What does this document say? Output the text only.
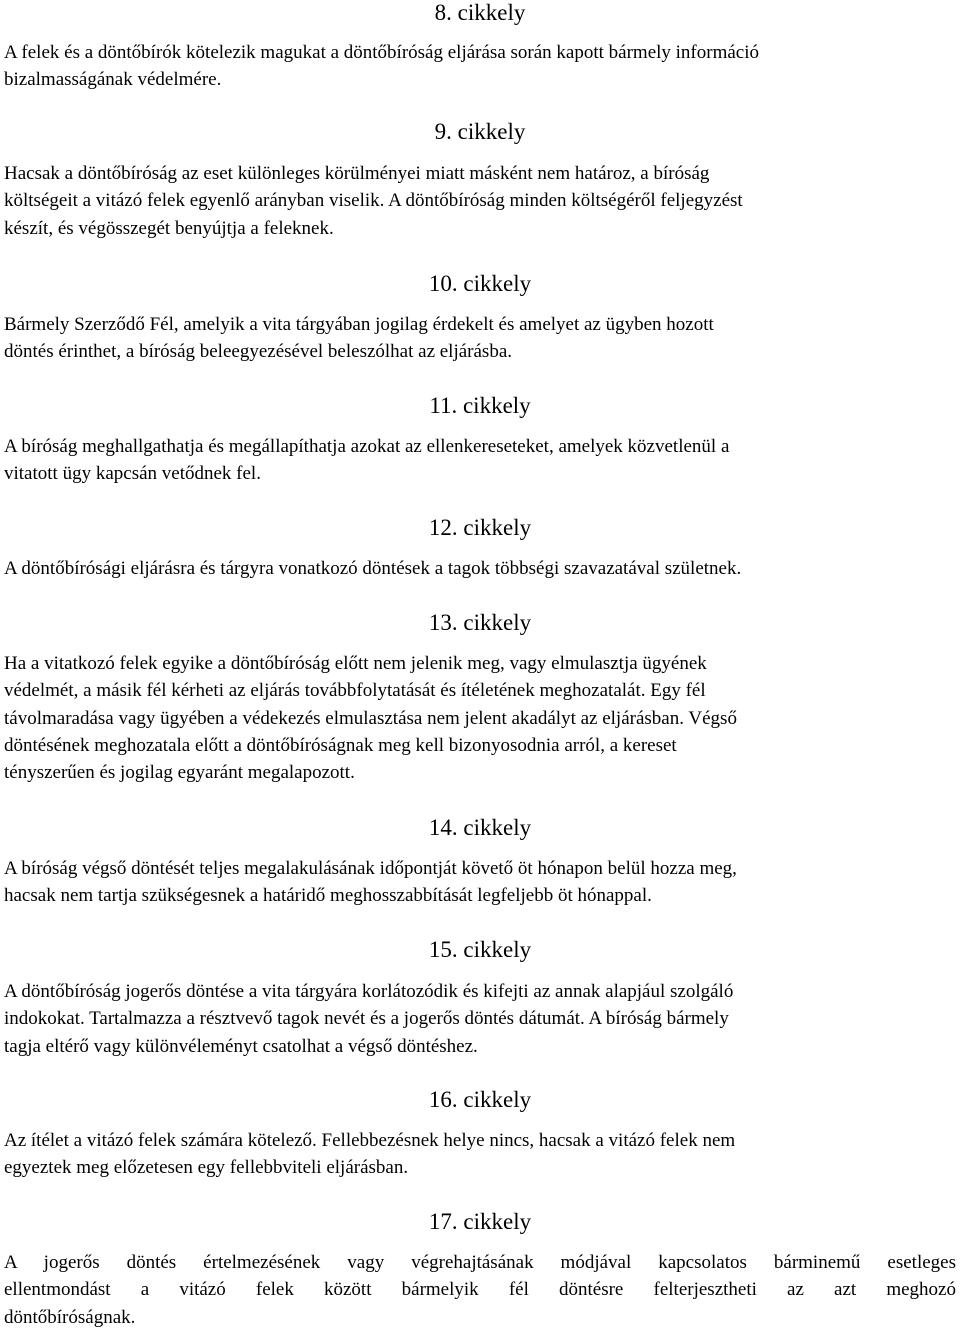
8. cikkely
A felek és a döntőbírók kötelezik magukat a döntőbíróság eljárása során kapott bármely információ
bizalmasságának védelmére.
9. cikkely
Hacsak a döntőbíróság az eset különleges körülményei miatt másként nem határoz, a bíróság
költségeit a vitázó felek egyenlő arányban viselik. A döntőbíróság minden költségéről feljegyzést
készít, és végösszegét benyújtja a feleknek.
10. cikkely
Bármely Szerződő Fél, amelyik a vita tárgyában jogilag érdekelt és amelyet az ügyben hozott
döntés érinthet, a bíróság beleegyezésével beleszólhat az eljárásba.
11. cikkely
A bíróság meghallgathatja és megállapíthatja azokat az ellenkereseteket, amelyek közvetlenül a
vitatott ügy kapcsán vetődnek fel.
12. cikkely
A döntőbírósági eljárásra és tárgyra vonatkozó döntések a tagok többségi szavazatával születnek.
13. cikkely
Ha a vitatkozó felek egyike a döntőbíróság előtt nem jelenik meg, vagy elmulasztja ügyének
védelmét, a másik fél kérheti az eljárás továbbfolytatását és ítéletének meghozatalát. Egy fél
távolmaradása vagy ügyében a védekezés elmulasztása nem jelent akadályt az eljárásban. Végső
döntésének meghozatala előtt a döntőbíróságnak meg kell bizonyosodnia arról, a kereset
tényszerűen és jogilag egyaránt megalapozott.
14. cikkely
A bíróság végső döntését teljes megalakulásának időpontját követő öt hónapon belül hozza meg,
hacsak nem tartja szükségesnek a határidő meghosszabbítását legfeljebb öt hónappal.
15. cikkely
A döntőbíróság jogerős döntése a vita tárgyára korlátozódik és kifejti az annak alapjául szolgáló
indokokat. Tartalmazza a résztvevő tagok nevét és a jogerős döntés dátumát. A bíróság bármely
tagja eltérő vagy különvéleményt csatolhat a végső döntéshez.
16. cikkely
Az ítélet a vitázó felek számára kötelező. Fellebbezésnek helye nincs, hacsak a vitázó felek nem
egyeztek meg előzetesen egy fellebbviteli eljárásban.
17. cikkely
A jogerős döntés értelmezésének vagy végrehajtásának módjával kapcsolatos bárminemű esetleges
ellentmondást a vitázó felek között bármelyik fél döntésre felterjesztheti az azt meghozó
döntőbíróságnak.
